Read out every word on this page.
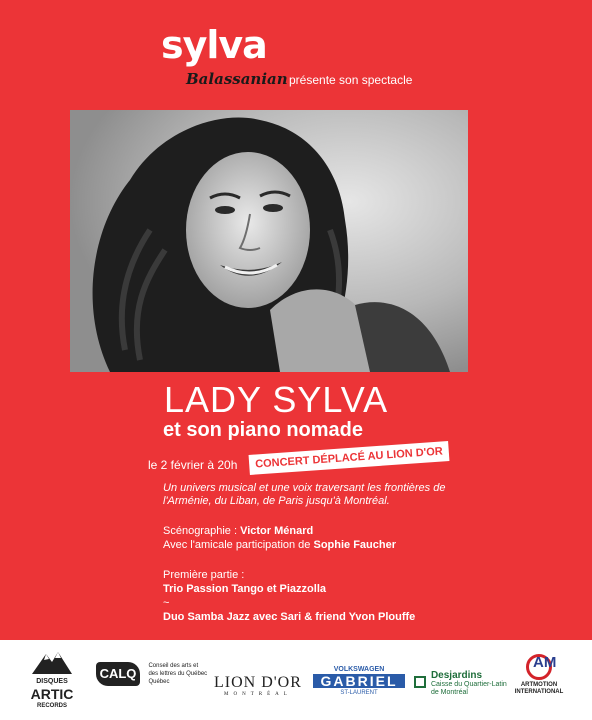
sylva
Balassanian présente son spectacle
LADY SYLVA
et son piano nomade
le 2 février à 20h	CONCERT DÉPLACÉ AU LION D'OR
Un univers musical et une voix traversant les frontières de l'Arménie, du Liban, de Paris jusqu'à Montréal.
Scénographie : Victor Ménard
Avec l'amicale participation de Sophie Faucher
Première partie :
Trio Passion Tango et Piazzolla
~
Duo Samba Jazz avec Sari & friend Yvon Plouffe
DISQUES
ARTIC
RECORDS
CALQ Conseil des arts et des lettres du Québec
Québec	LION D'OR
MONTRÉAL
VOLKSWAGEN
GABRIEL
ST-LAURENT
Desjardins
Caisse du Quartier-Latin
de Montréal
AM
ARTMOTION
INTERNATIONAL
